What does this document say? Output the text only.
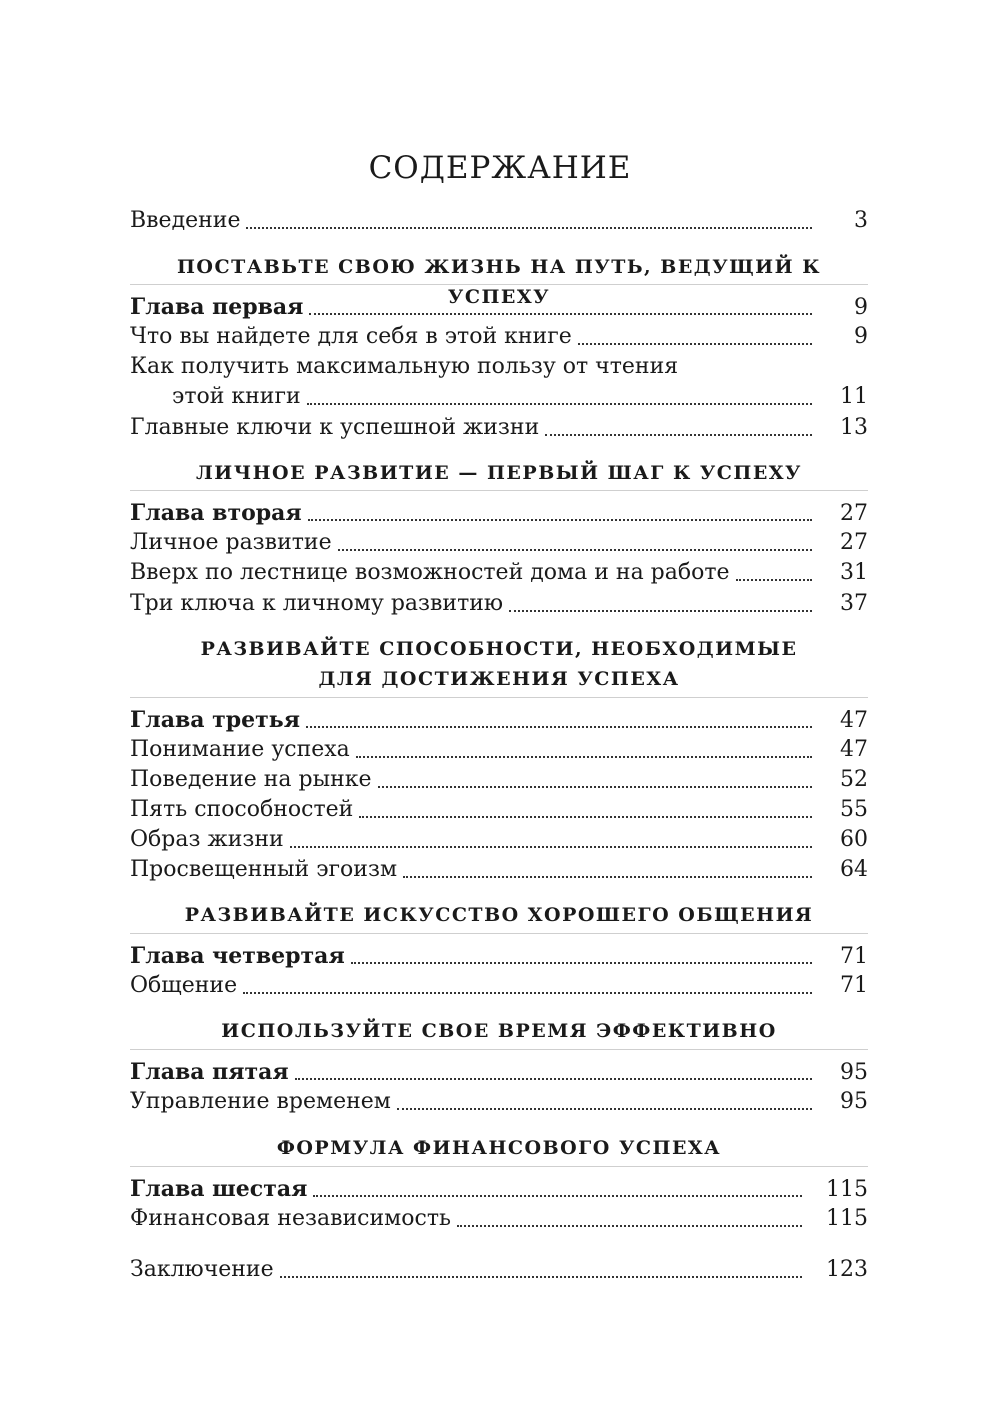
СОДЕРЖАНИЕ
Введение	3
ПОСТАВЬТЕ СВОЮ ЖИЗНЬ НА ПУТЬ, ВЕДУЩИЙ К УСПЕХУ
Глава первая	9
Что вы найдете для себя в этой книге	9
Как получить максимальную пользу от чтения
этой книги	11
Главные ключи к успешной жизни	13
ЛИЧНОЕ РАЗВИТИЕ — ПЕРВЫЙ ШАГ К УСПЕХУ
Глава вторая	27
Личное развитие	27
Вверх по лестнице возможностей дома и на работе	31
Три ключа к личному развитию	37
РАЗВИВАЙТЕ СПОСОБНОСТИ, НЕОБХОДИМЫЕ
ДЛЯ ДОСТИЖЕНИЯ УСПЕХА
Глава третья	47
Понимание успеха	47
Поведение на рынке	52
Пять способностей	55
Образ жизни	60
Просвещенный эгоизм	64
РАЗВИВАЙТЕ ИСКУССТВО ХОРОШЕГО ОБЩЕНИЯ
Глава четвертая	71
Общение	71
ИСПОЛЬЗУЙТЕ СВОЕ ВРЕМЯ ЭФФЕКТИВНО
Глава пятая	95
Управление временем	95
ФОРМУЛА ФИНАНСОВОГО УСПЕХА
Глава шестая	115
Финансовая независимость	115
Заключение	123
